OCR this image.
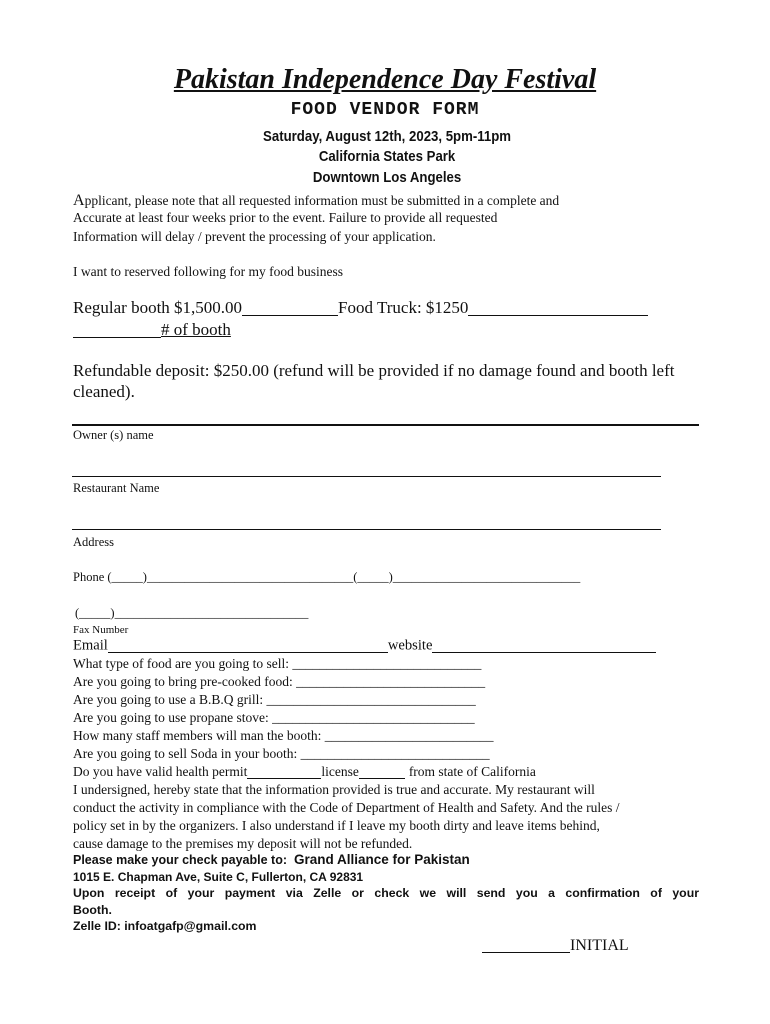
Pakistan Independence Day Festival
FOOD VENDOR FORM
Saturday, August 12th, 2023, 5pm-11pm
California States Park
Downtown Los Angeles
Applicant, please note that all requested information must be submitted in a complete and
Accurate at least four weeks prior to the event. Failure to provide all requested
Information will delay / prevent the processing of your application.
I want to reserved following for my food business
Regular booth $1,500.00	Food Truck: $1250
# of booth
Refundable deposit: $250.00 (refund will be provided if no damage found and booth left
cleaned).
Owner (s) name
Restaurant Name
Address
Phone (_____)_________________________________(_____)______________________________
(_____)_______________________________
Fax Number
Email	website
What type of food are you going to sell: ____________________________
Are you going to bring pre-cooked food: ____________________________
Are you going to use a B.B.Q grill: _______________________________
Are you going to use propane stove: ______________________________
How many staff members will man the booth: _________________________
Are you going to sell Soda in your booth: ____________________________
Do you have valid health permit	license	from state of California
I undersigned, hereby state that the information provided is true and accurate. My restaurant will
conduct the activity in compliance with the Code of Department of Health and Safety. And the rules /
policy set in by the organizers. I also understand if I leave my booth dirty and leave items behind,
cause damage to the premises my deposit will not be refunded.
Please make your check payable to: Grand Alliance for Pakistan
1015 E. Chapman Ave, Suite C, Fullerton, CA 92831
Upon receipt of your payment via Zelle or check we will send you a confirmation of your
Booth.
Zelle ID: infoatgafp@gmail.com
INITIAL
